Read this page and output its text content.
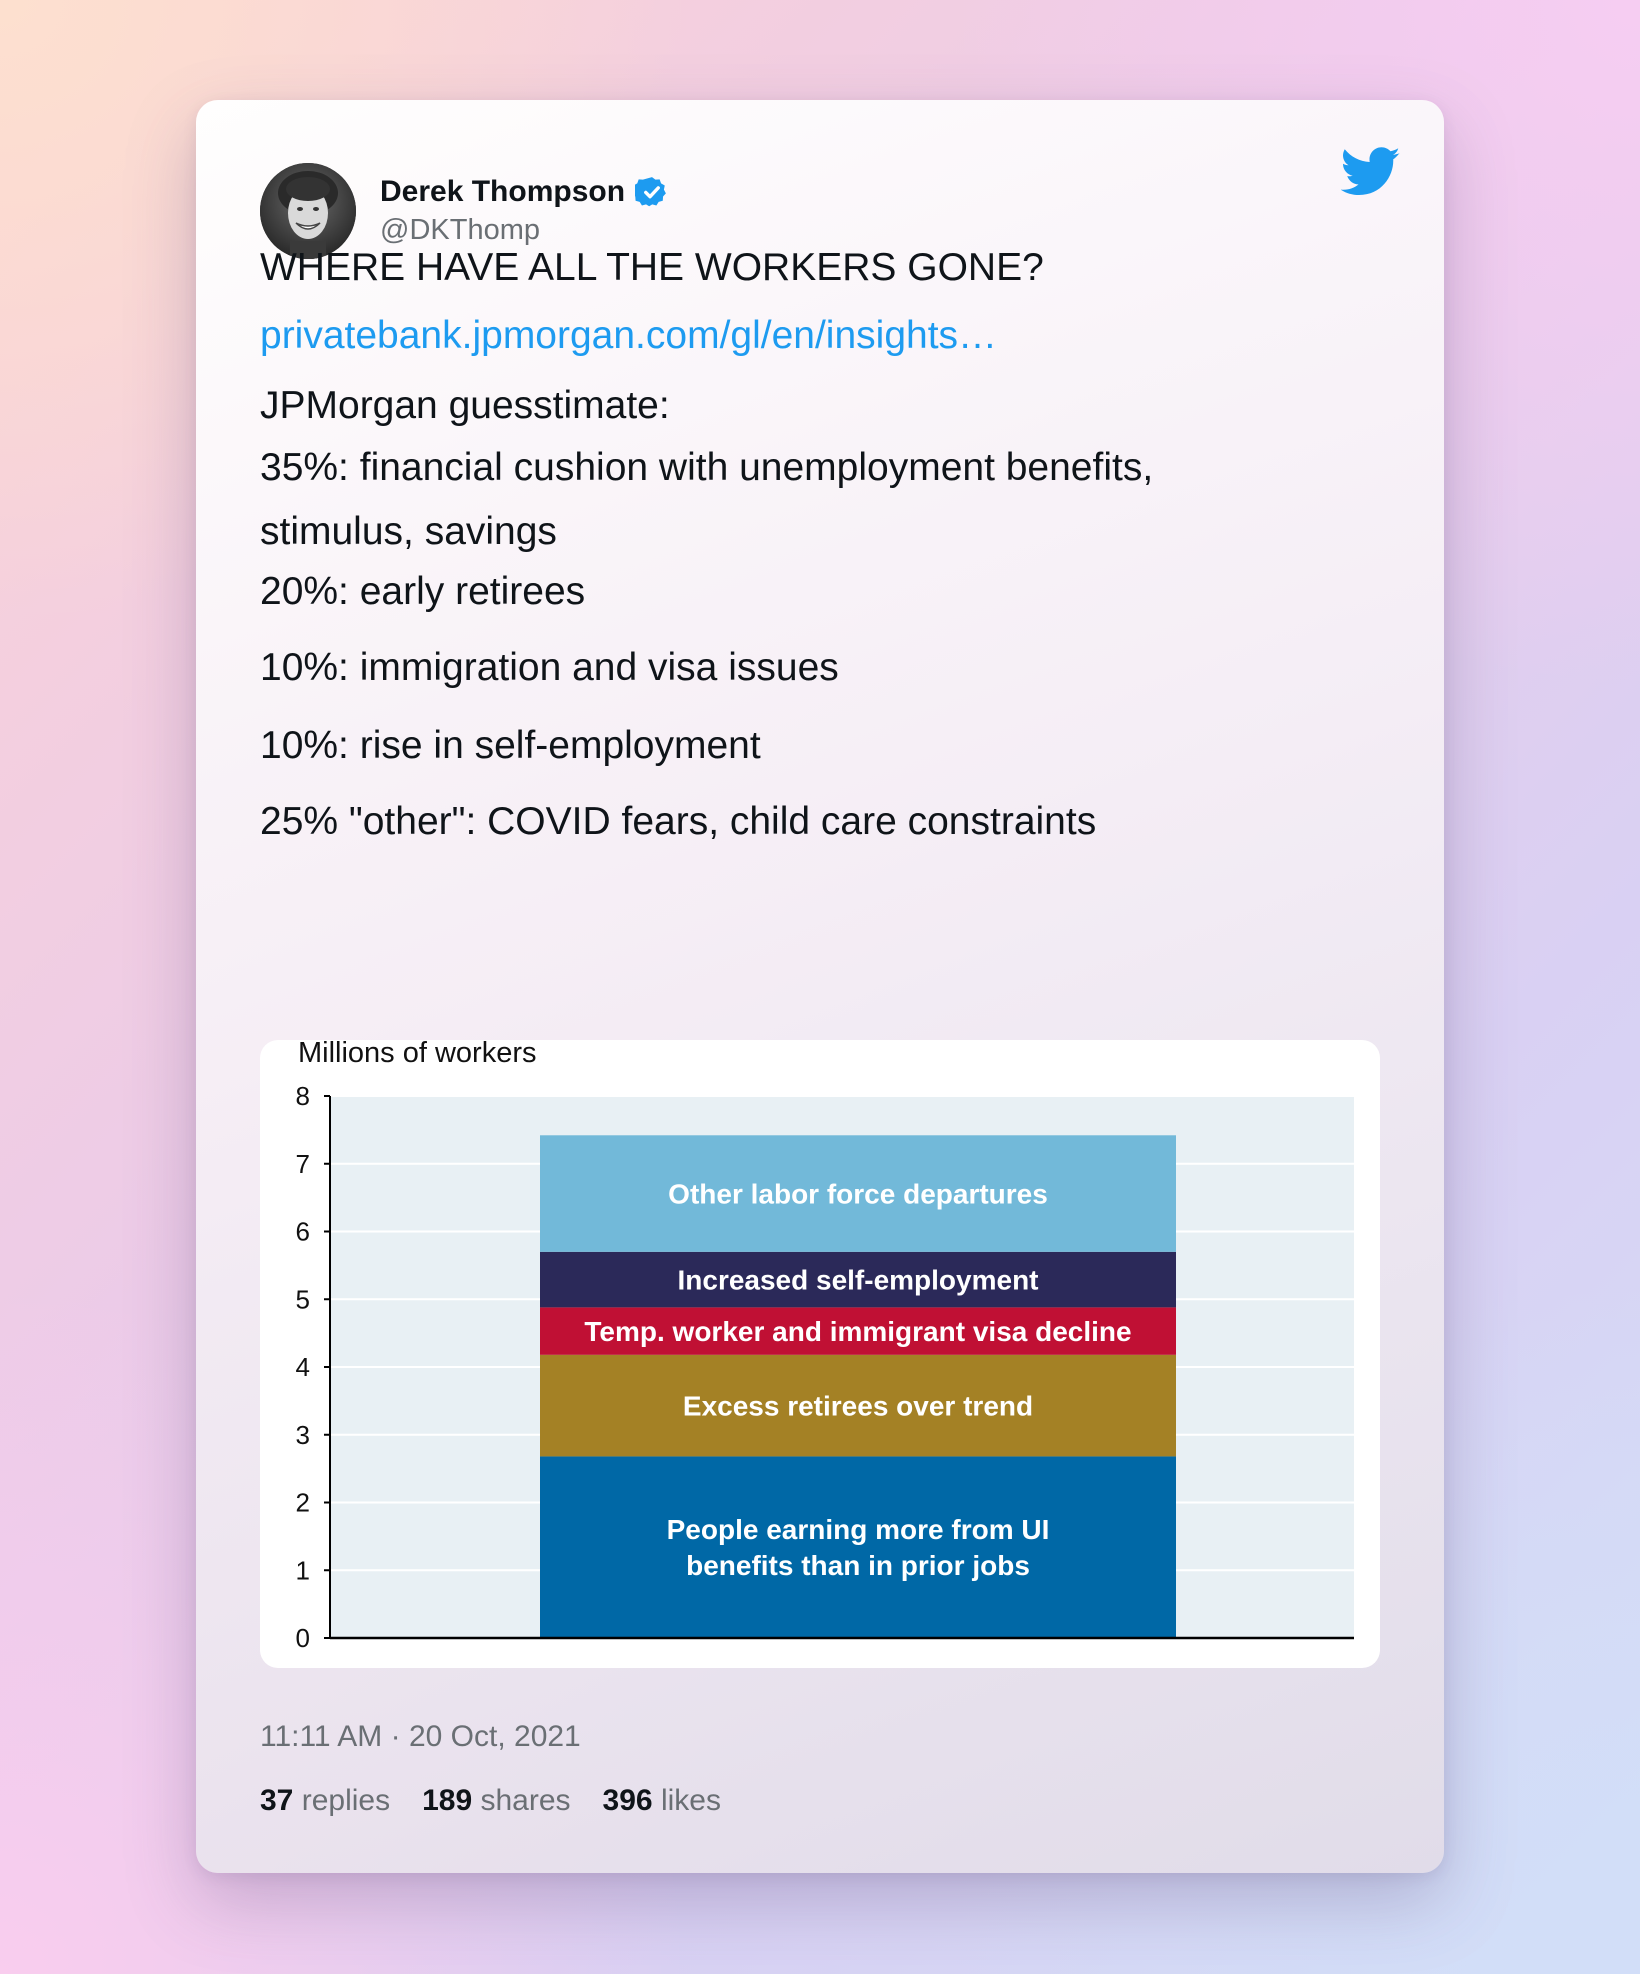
Derek Thompson
@DKThomp
WHERE HAVE ALL THE WORKERS GONE?
privatebank.jpmorgan.com/gl/en/insights…
JPMorgan guesstimate:
35%: financial cushion with unemployment benefits,
stimulus, savings
20%: early retirees
10%: immigration and visa issues
10%: rise in self-employment
25% "other": COVID fears, child care constraints
0
1
2
3
4
5
6
7
8
People earning more from UI
benefits than in prior jobs
Excess retirees over trend
Temp. worker and immigrant visa decline
Increased self-employment
Other labor force departures
Millions of workers
11:11 AM · 20 Oct, 2021
37 replies 189 shares 396 likes
